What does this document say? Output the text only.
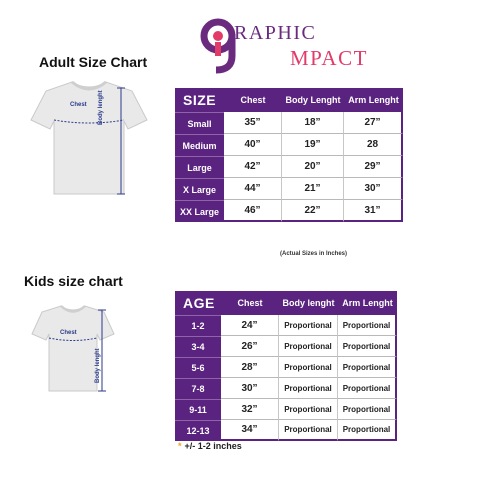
RAPHIC
MPACT
Adult Size Chart
Chest Body lenght	SIZE	Chest	Body Lenght	Arm Lenght
Small	35”	18”	27”
Medium	40”	19”	28
Large	42”	20”	29”
X Large	44”	21”	30”
XX Large	46”	22”	31”
(Actual Sizes in Inches)
Kids size chart
Chest
Body lenght
AGE	Chest	Body lenght	Arm Lenght
1-2	24”	Proportional	Proportional
3-4	26”	Proportional	Proportional
5-6	28”	Proportional	Proportional
7-8	30”	Proportional	Proportional
9-11	32”	Proportional	Proportional
12-13	34”	Proportional	Proportional
* +/- 1-2 inches
